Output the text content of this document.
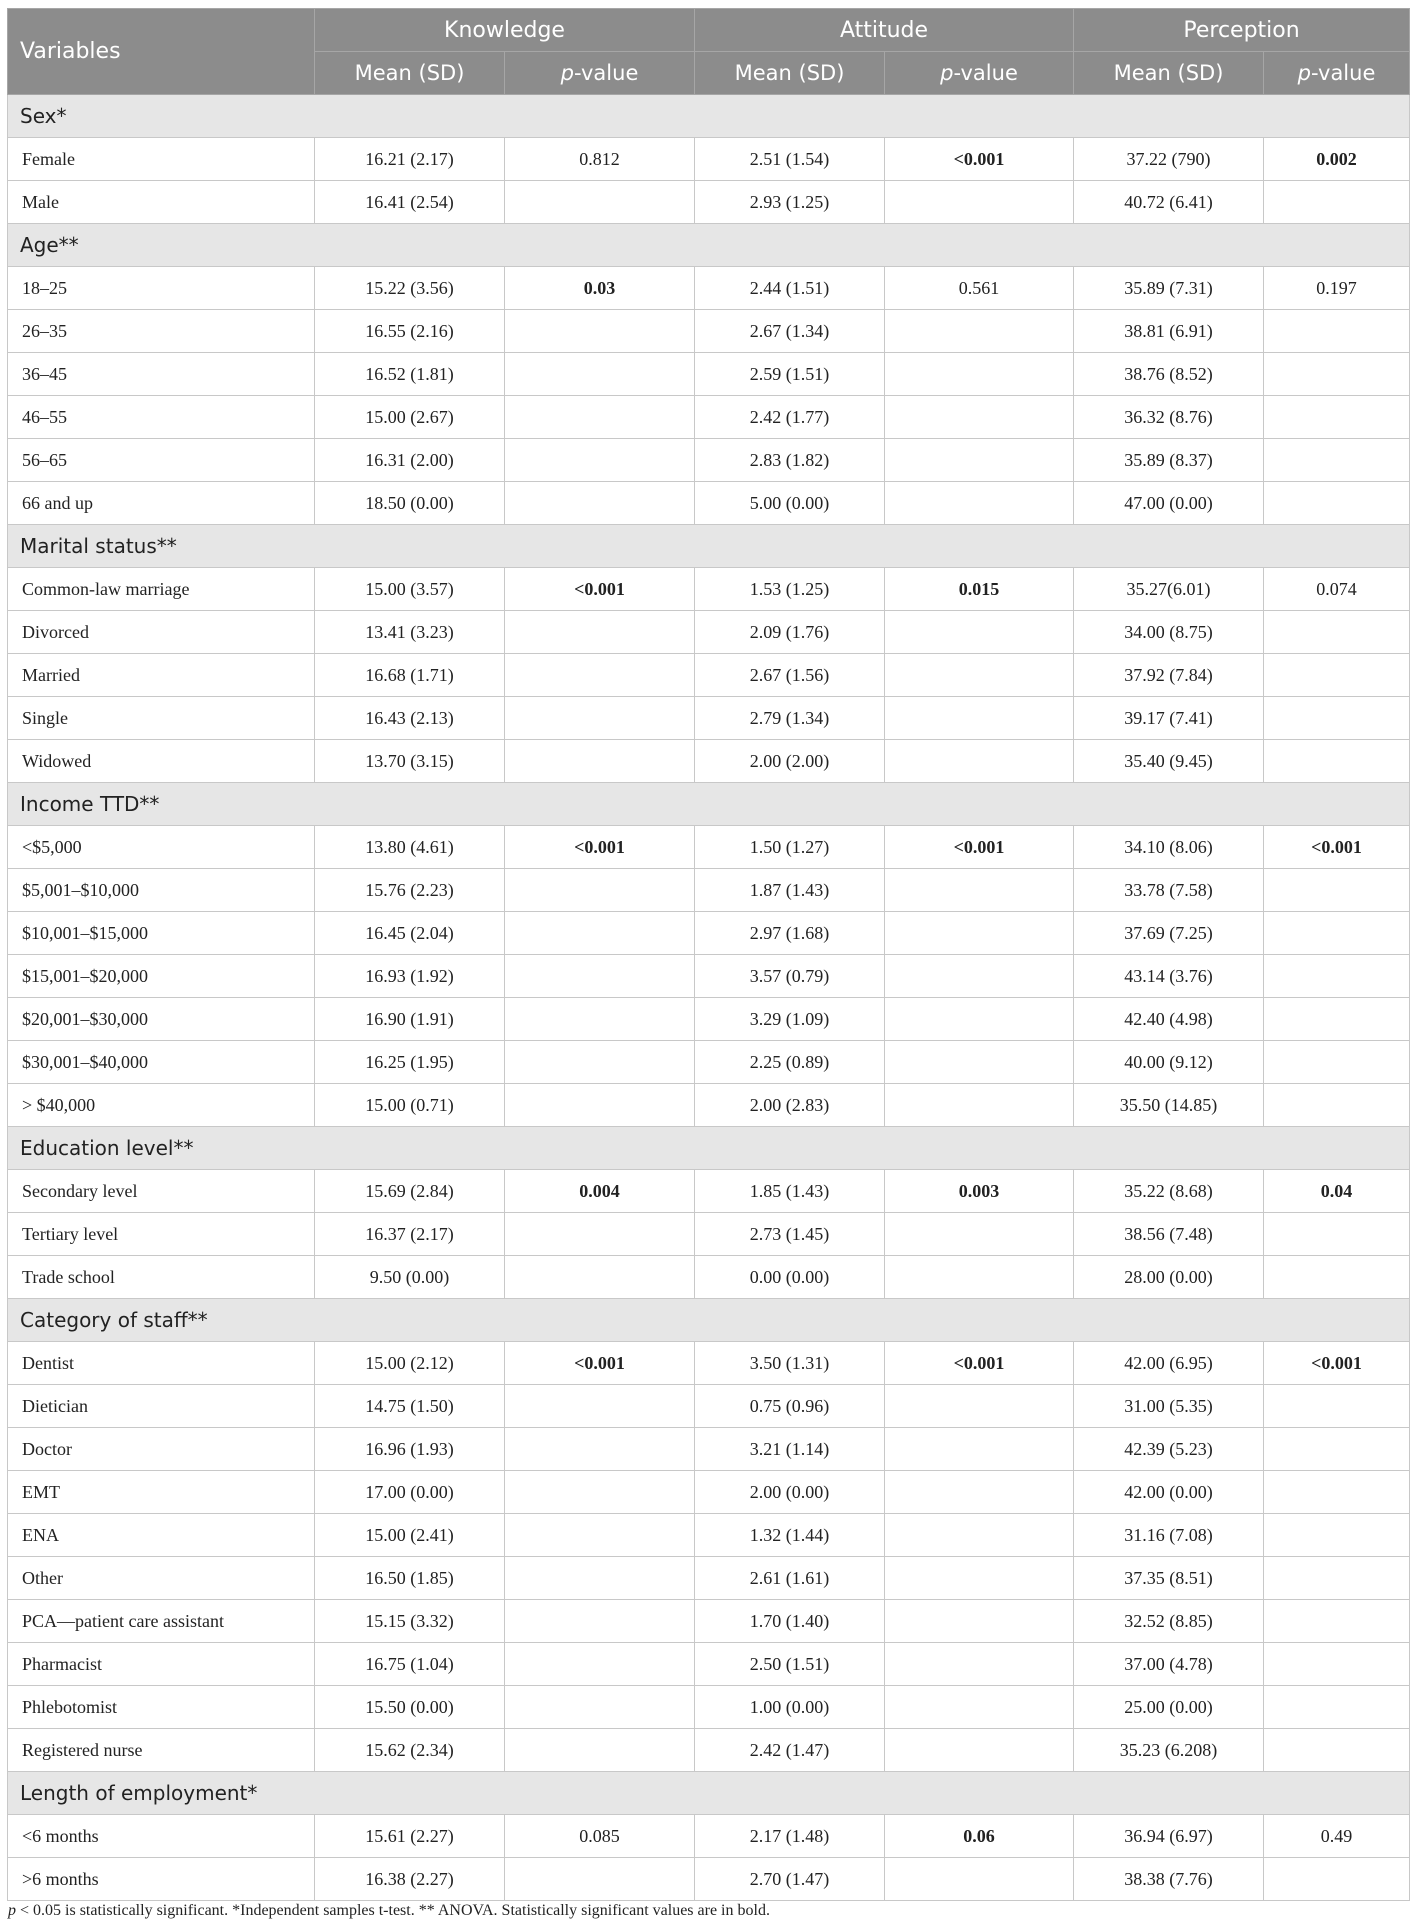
Variables	Knowledge		Attitude		Perception	
	Mean (SD)	p-value	Mean (SD)	p-value	Mean (SD)	p-value
Sex*						
Female	16.21 (2.17)	0.812	2.51 (1.54)	<0.001	37.22 (790)	0.002
Male	16.41 (2.54)		2.93 (1.25)		40.72 (6.41)	
Age**						
18–25	15.22 (3.56)	0.03	2.44 (1.51)	0.561	35.89 (7.31)	0.197
26–35	16.55 (2.16)		2.67 (1.34)		38.81 (6.91)	
36–45	16.52 (1.81)		2.59 (1.51)		38.76 (8.52)	
46–55	15.00 (2.67)		2.42 (1.77)		36.32 (8.76)	
56–65	16.31 (2.00)		2.83 (1.82)		35.89 (8.37)	
66 and up	18.50 (0.00)		5.00 (0.00)		47.00 (0.00)	
Marital status**						
Common-law marriage	15.00 (3.57)	<0.001	1.53 (1.25)	0.015	35.27(6.01)	0.074
Divorced	13.41 (3.23)		2.09 (1.76)		34.00 (8.75)	
Married	16.68 (1.71)		2.67 (1.56)		37.92 (7.84)	
Single	16.43 (2.13)		2.79 (1.34)		39.17 (7.41)	
Widowed	13.70 (3.15)		2.00 (2.00)		35.40 (9.45)	
Income TTD**						
<$5,000	13.80 (4.61)	<0.001	1.50 (1.27)	<0.001	34.10 (8.06)	<0.001
$5,001–$10,000	15.76 (2.23)		1.87 (1.43)		33.78 (7.58)	
$10,001–$15,000	16.45 (2.04)		2.97 (1.68)		37.69 (7.25)	
$15,001–$20,000	16.93 (1.92)		3.57 (0.79)		43.14 (3.76)	
$20,001–$30,000	16.90 (1.91)		3.29 (1.09)		42.40 (4.98)	
$30,001–$40,000	16.25 (1.95)		2.25 (0.89)		40.00 (9.12)	
> $40,000	15.00 (0.71)		2.00 (2.83)		35.50 (14.85)	
Education level**						
Secondary level	15.69 (2.84)	0.004	1.85 (1.43)	0.003	35.22 (8.68)	0.04
Tertiary level	16.37 (2.17)		2.73 (1.45)		38.56 (7.48)	
Trade school	9.50 (0.00)		0.00 (0.00)		28.00 (0.00)	
Category of staff**						
Dentist	15.00 (2.12)	<0.001	3.50 (1.31)	<0.001	42.00 (6.95)	<0.001
Dietician	14.75 (1.50)		0.75 (0.96)		31.00 (5.35)	
Doctor	16.96 (1.93)		3.21 (1.14)		42.39 (5.23)	
EMT	17.00 (0.00)		2.00 (0.00)		42.00 (0.00)	
ENA	15.00 (2.41)		1.32 (1.44)		31.16 (7.08)	
Other	16.50 (1.85)		2.61 (1.61)		37.35 (8.51)	
PCA—patient care assistant	15.15 (3.32)		1.70 (1.40)		32.52 (8.85)	
Pharmacist	16.75 (1.04)		2.50 (1.51)		37.00 (4.78)	
Phlebotomist	15.50 (0.00)		1.00 (0.00)		25.00 (0.00)	
Registered nurse	15.62 (2.34)		2.42 (1.47)		35.23 (6.208)	
Length of employment*						
<6 months	15.61 (2.27)	0.085	2.17 (1.48)	0.06	36.94 (6.97)	0.49
>6 months	16.38 (2.27)		2.70 (1.47)		38.38 (7.76)	
p < 0.05 is statistically significant. *Independent samples t-test. ** ANOVA. Statistically significant values are in bold.
